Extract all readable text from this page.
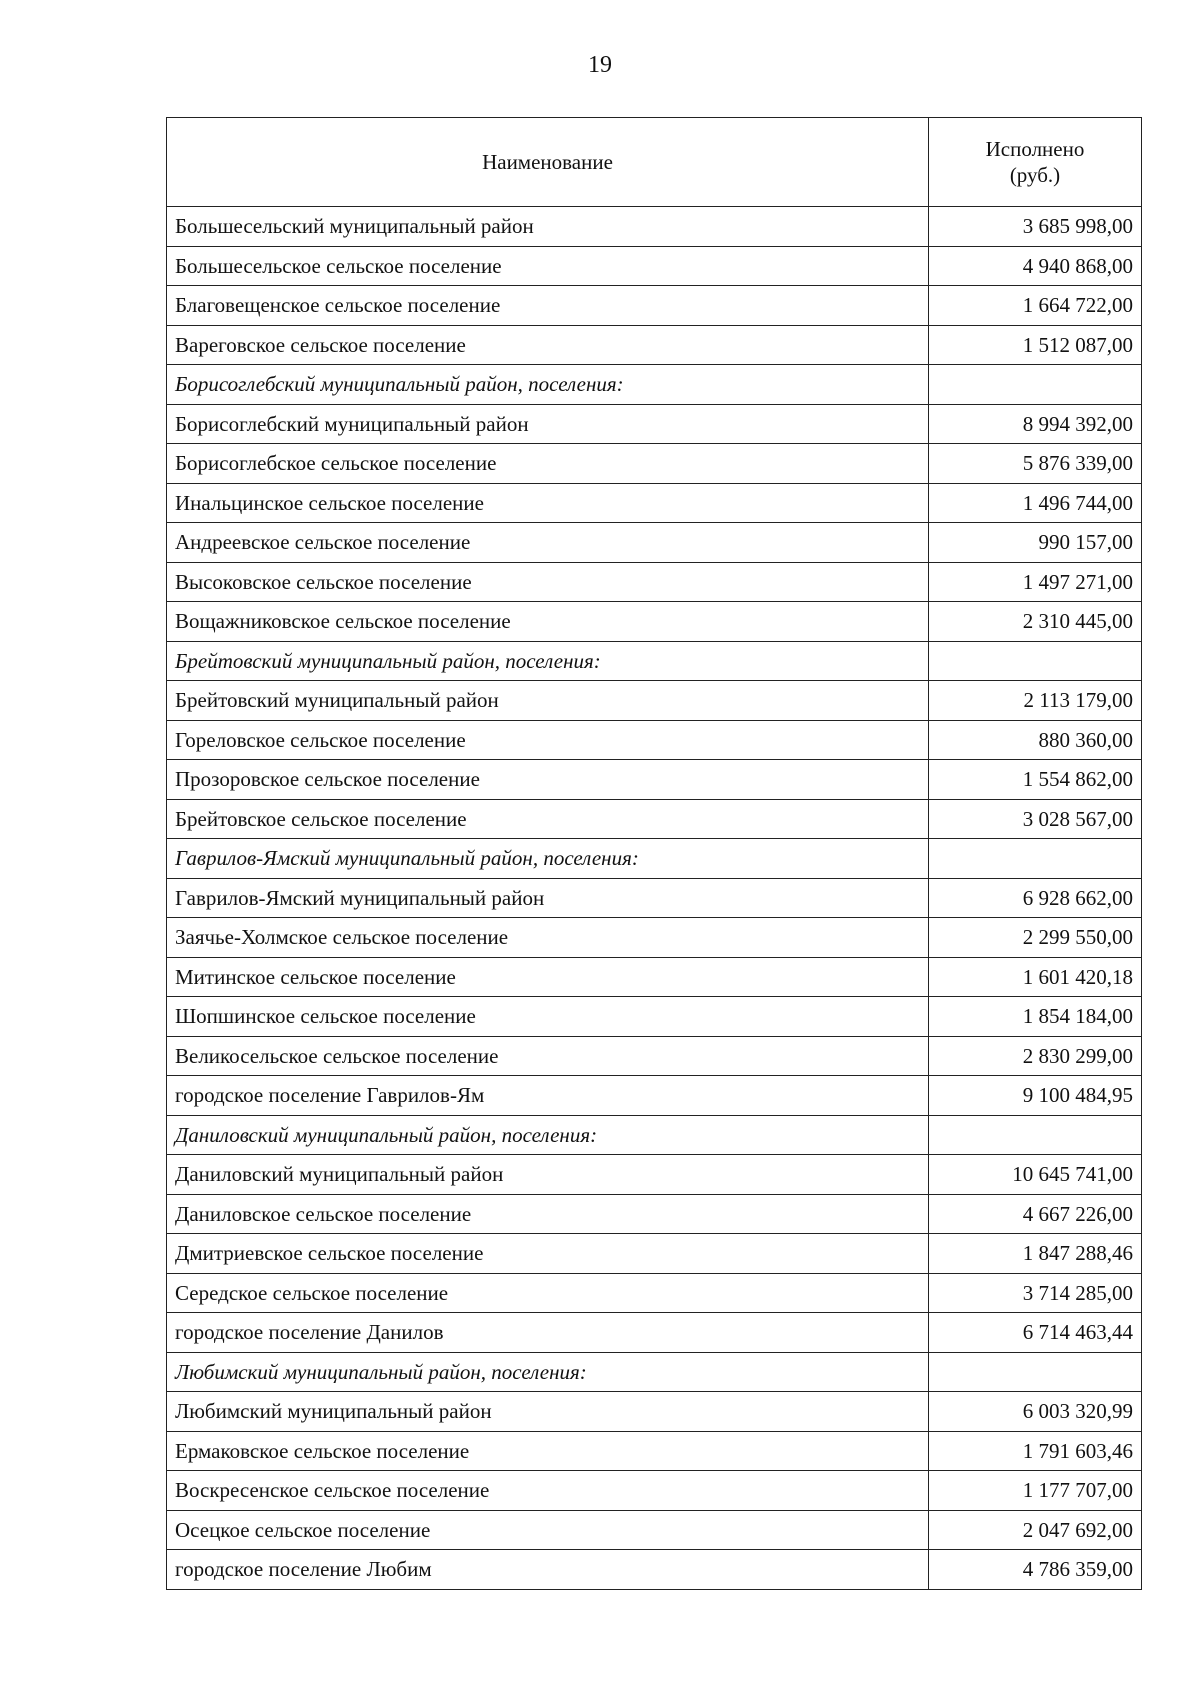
19
Наименование	Исполнено
(руб.)

Большесельский муниципальный район	3 685 998,00
Большесельское сельское поселение	4 940 868,00
Благовещенское сельское поселение	1 664 722,00
Вареговское сельское поселение	1 512 087,00
Борисоглебский муниципальный район, поселения:	
Борисоглебский муниципальный район	8 994 392,00
Борисоглебское сельское поселение	5 876 339,00
Инальцинское сельское поселение	1 496 744,00
Андреевское сельское поселение	990 157,00
Высоковское сельское поселение	1 497 271,00
Вощажниковское сельское поселение	2 310 445,00
Брейтовский муниципальный район, поселения:	
Брейтовский муниципальный район	2 113 179,00
Гореловское сельское поселение	880 360,00
Прозоровское сельское поселение	1 554 862,00
Брейтовское сельское поселение	3 028 567,00
Гаврилов-Ямский муниципальный район, поселения:	
Гаврилов-Ямский муниципальный район	6 928 662,00
Заячье-Холмское сельское поселение	2 299 550,00
Митинское сельское поселение	1 601 420,18
Шопшинское сельское поселение	1 854 184,00
Великосельское сельское поселение	2 830 299,00
городское поселение Гаврилов-Ям	9 100 484,95
Даниловский муниципальный район, поселения:	
Даниловский муниципальный район	10 645 741,00
Даниловское сельское поселение	4 667 226,00
Дмитриевское сельское поселение	1 847 288,46
Середское сельское поселение	3 714 285,00
городское поселение Данилов	6 714 463,44
Любимский муниципальный район, поселения:	
Любимский муниципальный район	6 003 320,99
Ермаковское сельское поселение	1 791 603,46
Воскресенское сельское поселение	1 177 707,00
Осецкое сельское поселение	2 047 692,00
городское поселение Любим	4 786 359,00
